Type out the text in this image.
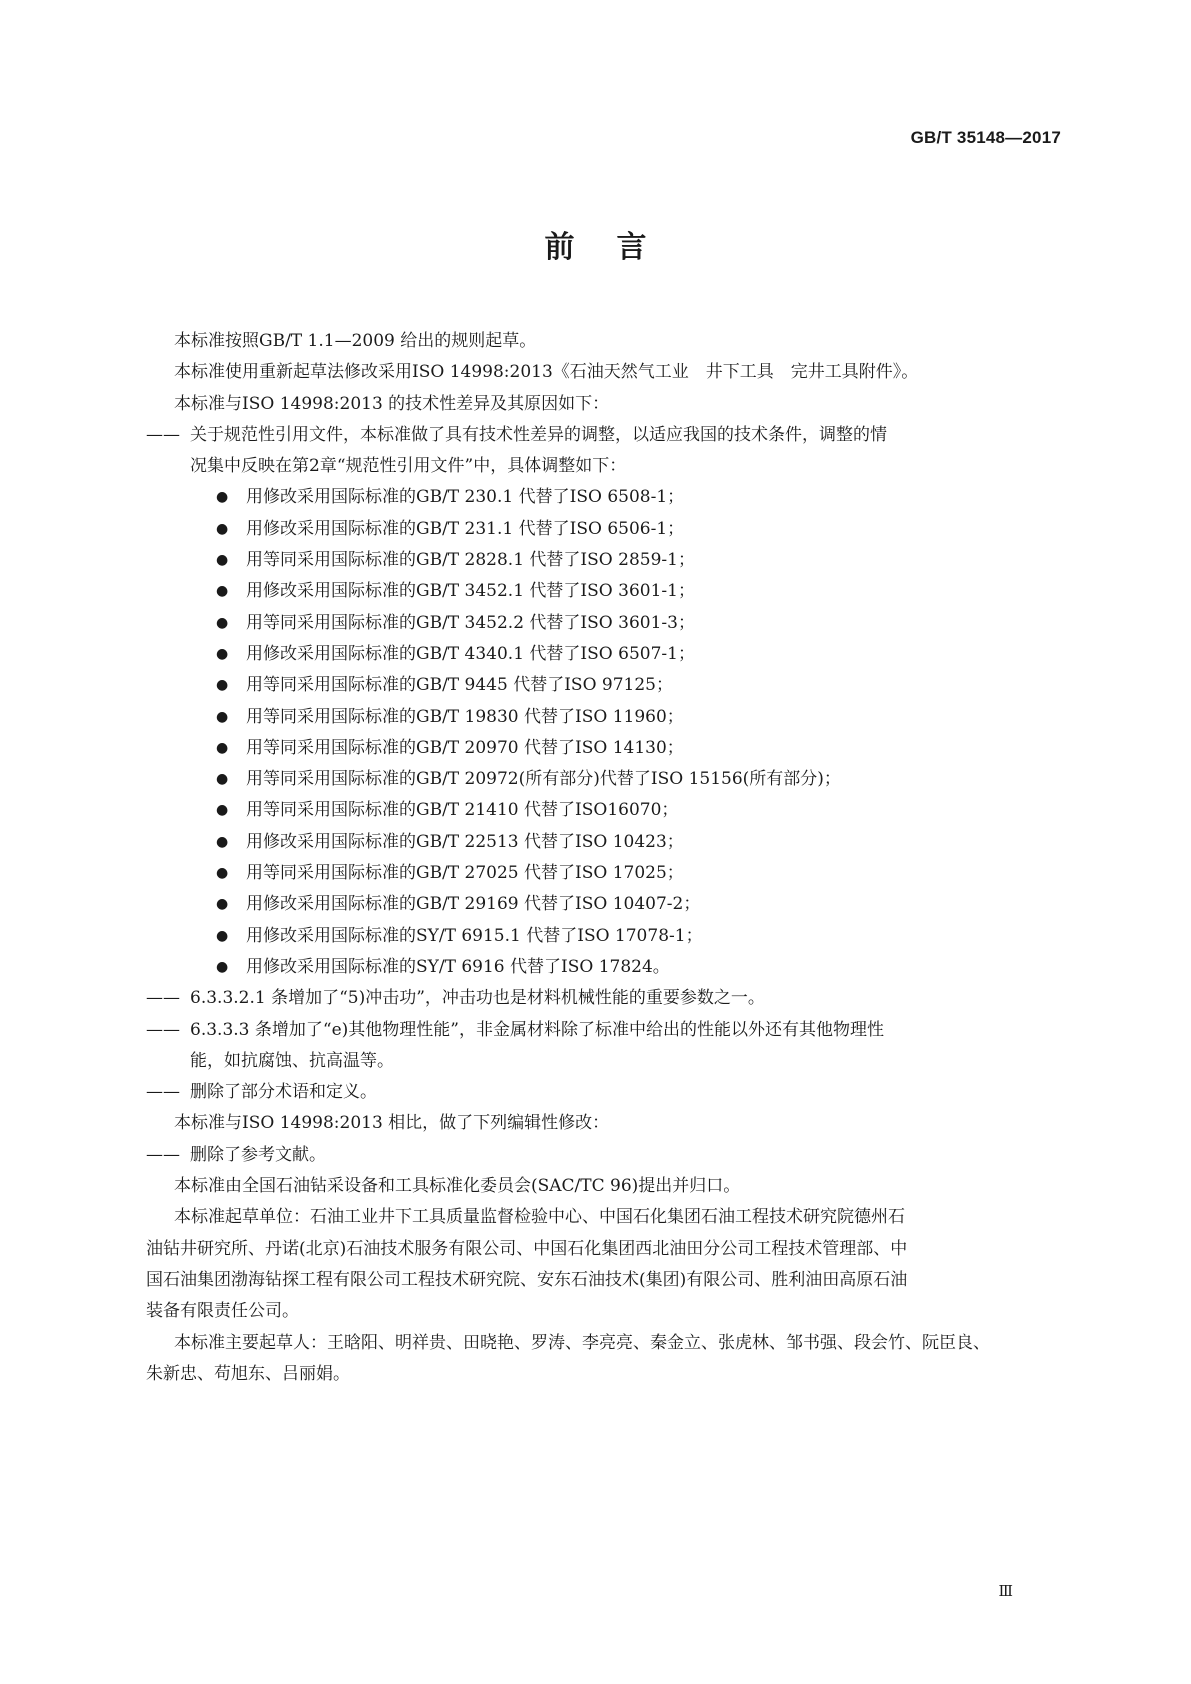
GB/T 35148—2017
前言

本标准按照GB/T 1.1—2009 给出的规则起草。

本标准使用重新起草法修改采用ISO 14998:2013《石油天然气工业　井下工具　完井工具附件》。

本标准与ISO 14998:2013 的技术性差异及其原因如下：

—— 关于规范性引用文件，本标准做了具有技术性差异的调整，以适应我国的技术条件，调整的情
况集中反映在第2章“规范性引用文件”中，具体调整如下：
●	用修改采用国际标准的GB/T 230.1 代替了ISO 6508-1；
●	用修改采用国际标准的GB/T 231.1 代替了ISO 6506-1；
●	用等同采用国际标准的GB/T 2828.1 代替了ISO 2859-1；
●	用修改采用国际标准的GB/T 3452.1 代替了ISO 3601-1；
●	用等同采用国际标准的GB/T 3452.2 代替了ISO 3601-3；
●	用修改采用国际标准的GB/T 4340.1 代替了ISO 6507-1；
●	用等同采用国际标准的GB/T 9445 代替了ISO 97125；
●	用等同采用国际标准的GB/T 19830 代替了ISO 11960；
●	用等同采用国际标准的GB/T 20970 代替了ISO 14130；
●	用等同采用国际标准的GB/T 20972(所有部分)代替了ISO 15156(所有部分)；
●	用等同采用国际标准的GB/T 21410 代替了ISO16070；
●	用修改采用国际标准的GB/T 22513 代替了ISO 10423；
●	用等同采用国际标准的GB/T 27025 代替了ISO 17025；
●	用修改采用国际标准的GB/T 29169 代替了ISO 10407-2；
●	用修改采用国际标准的SY/T 6915.1 代替了ISO 17078-1；
●	用修改采用国际标准的SY/T 6916 代替了ISO 17824。
—— 6.3.3.2.1 条增加了“5)冲击功”，冲击功也是材料机械性能的重要参数之一。
—— 6.3.3.3 条增加了“e)其他物理性能”，非金属材料除了标准中给出的性能以外还有其他物理性
能，如抗腐蚀、抗高温等。
—— 删除了部分术语和定义。

本标准与ISO 14998:2013 相比，做了下列编辑性修改：

—— 删除了参考文献。

本标准由全国石油钻采设备和工具标准化委员会(SAC/TC 96)提出并归口。

本标准起草单位：石油工业井下工具质量监督检验中心、中国石化集团石油工程技术研究院德州石
油钻井研究所、丹诺(北京)石油技术服务有限公司、中国石化集团西北油田分公司工程技术管理部、中
国石油集团渤海钻探工程有限公司工程技术研究院、安东石油技术(集团)有限公司、胜利油田高原石油
装备有限责任公司。
本标准主要起草人：王晗阳、明祥贵、田晓艳、罗涛、李亮亮、秦金立、张虎林、邹书强、段会竹、阮臣良、
朱新忠、苟旭东、吕丽娟。
Ⅲ
